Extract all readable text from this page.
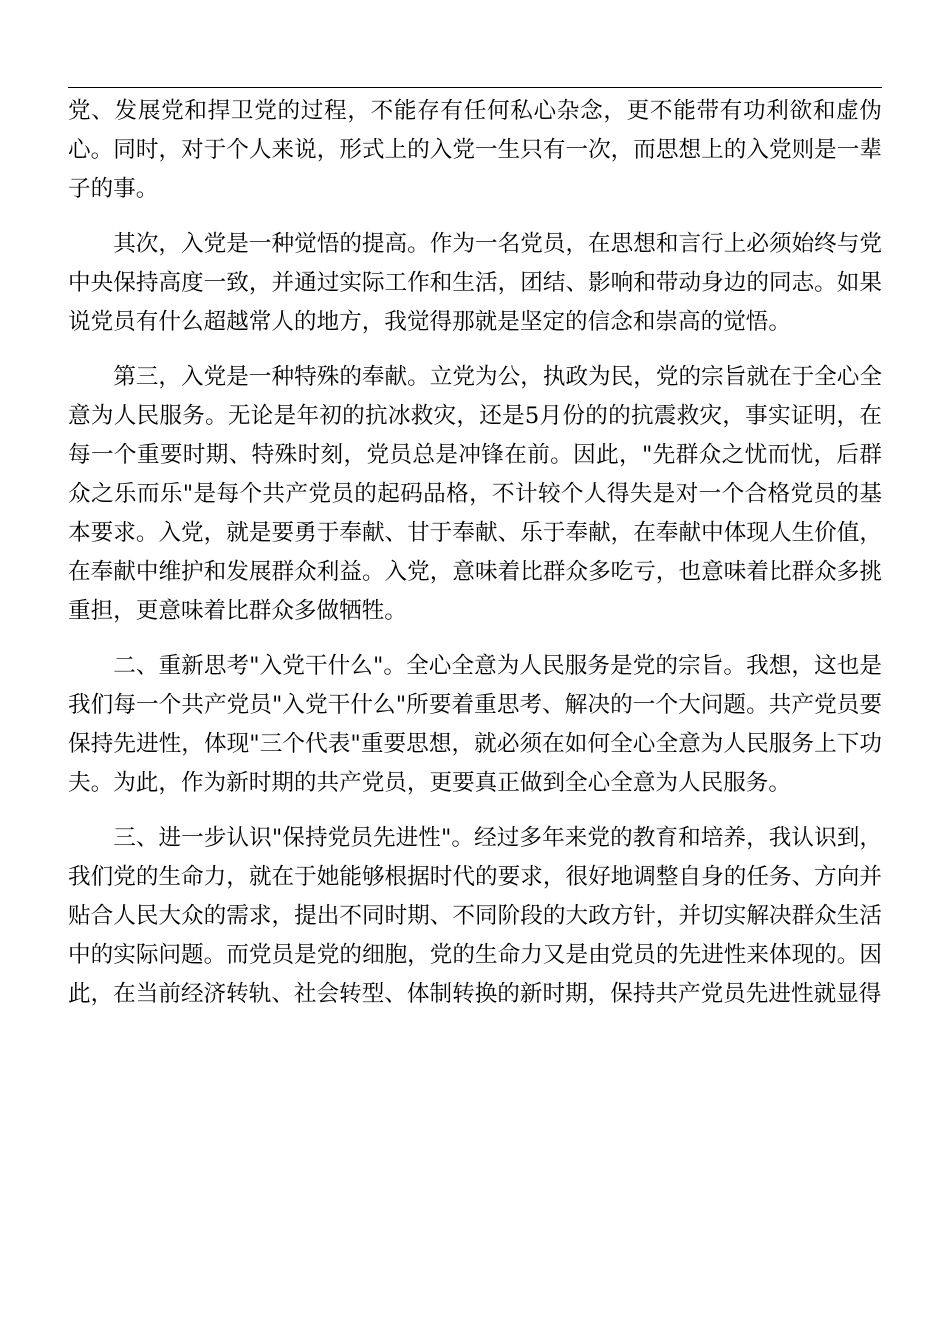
党、发展党和捍卫党的过程，不能存有任何私心杂念，更不能带有功利欲和虚伪心。同时，对于个人来说，形式上的入党一生只有一次，而思想上的入党则是一辈子的事。

其次，入党是一种觉悟的提高。作为一名党员，在思想和言行上必须始终与党中央保持高度一致，并通过实际工作和生活，团结、影响和带动身边的同志。如果说党员有什么超越常人的地方，我觉得那就是坚定的信念和崇高的觉悟。

第三，入党是一种特殊的奉献。立党为公，执政为民，党的宗旨就在于全心全意为人民服务。无论是年初的抗冰救灾，还是5月份的的抗震救灾，事实证明，在每一个重要时期、特殊时刻，党员总是冲锋在前。因此，"先群众之忧而忧，后群众之乐而乐"是每个共产党员的起码品格，不计较个人得失是对一个合格党员的基本要求。入党，就是要勇于奉献、甘于奉献、乐于奉献，在奉献中体现人生价值，在奉献中维护和发展群众利益。入党，意味着比群众多吃亏，也意味着比群众多挑重担，更意味着比群众多做牺牲。

二、重新思考"入党干什么"。全心全意为人民服务是党的宗旨。我想，这也是我们每一个共产党员"入党干什么"所要着重思考、解决的一个大问题。共产党员要保持先进性，体现"三个代表"重要思想，就必须在如何全心全意为人民服务上下功夫。为此，作为新时期的共产党员，更要真正做到全心全意为人民服务。

三、进一步认识"保持党员先进性"。经过多年来党的教育和培养，我认识到，我们党的生命力，就在于她能够根据时代的要求，很好地调整自身的任务、方向并贴合人民大众的需求，提出不同时期、不同阶段的大政方针，并切实解决群众生活中的实际问题。而党员是党的细胞，党的生命力又是由党员的先进性来体现的。因此，在当前经济转轨、社会转型、体制转换的新时期，保持共产党员先进性就显得
